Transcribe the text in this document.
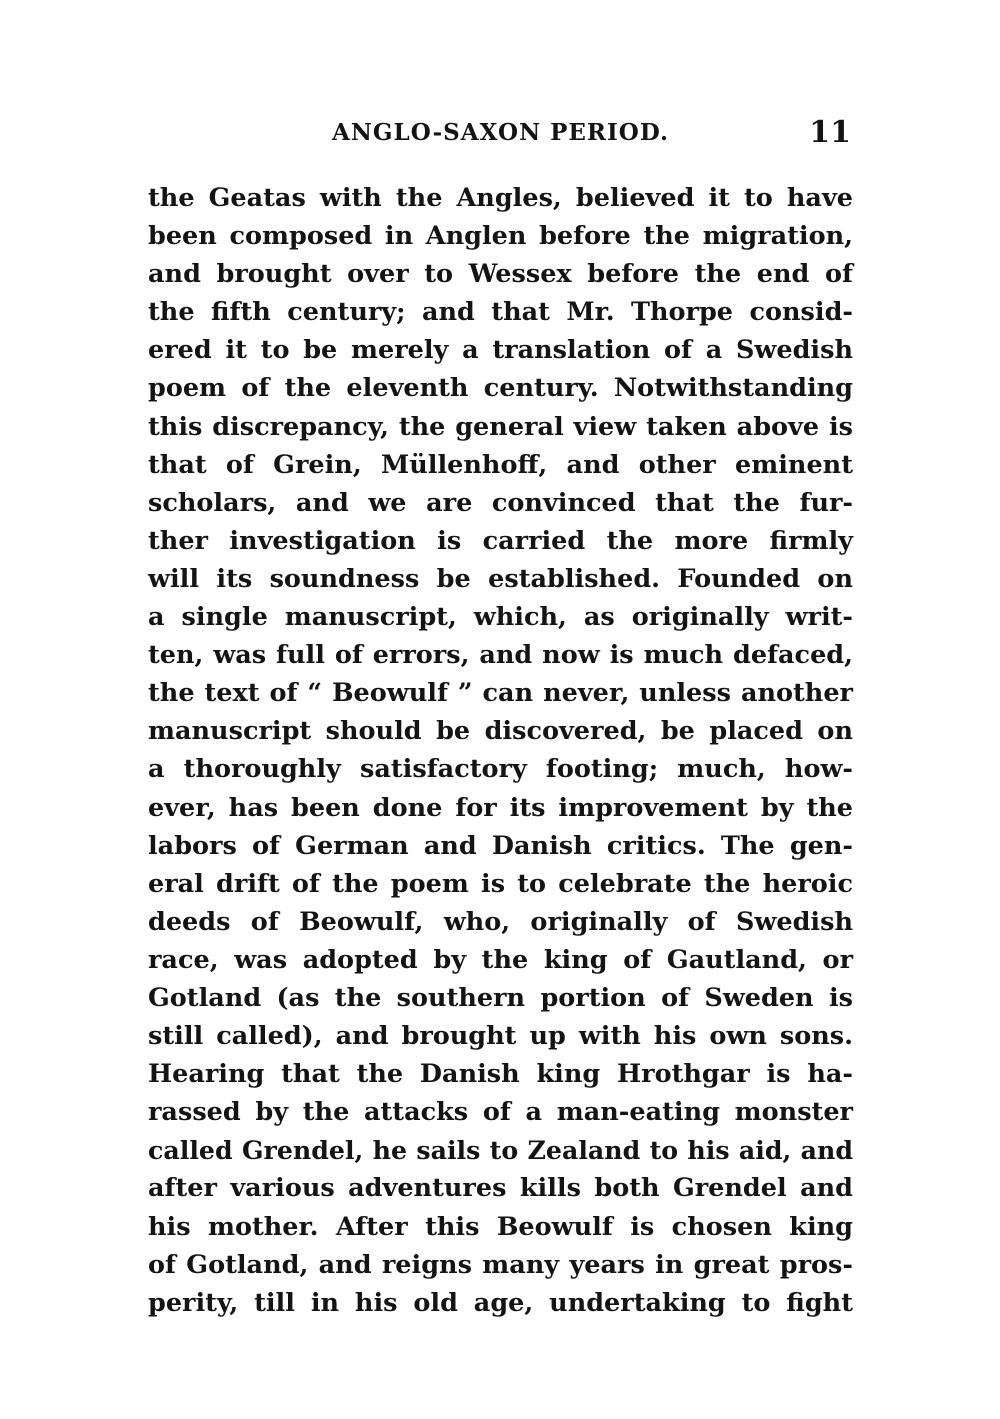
ANGLO-SAXON PERIOD.	11
the Geatas with the Angles, believed it to have
been composed in Anglen before the migration,
and brought over to Wessex before the end of
the fifth century; and that Mr. Thorpe consid-
ered it to be merely a translation of a Swedish
poem of the eleventh century. Notwithstanding
this discrepancy, the general view taken above is
that of Grein, Müllenhoff, and other eminent
scholars, and we are convinced that the fur-
ther investigation is carried the more firmly
will its soundness be established. Founded on
a single manuscript, which, as originally writ-
ten, was full of errors, and now is much defaced,
the text of “ Beowulf ” can never, unless another
manuscript should be discovered, be placed on
a thoroughly satisfactory footing; much, how-
ever, has been done for its improvement by the
labors of German and Danish critics. The gen-
eral drift of the poem is to celebrate the heroic
deeds of Beowulf, who, originally of Swedish
race, was adopted by the king of Gautland, or
Gotland (as the southern portion of Sweden is
still called), and brought up with his own sons.
Hearing that the Danish king Hrothgar is ha-
rassed by the attacks of a man-eating monster
called Grendel, he sails to Zealand to his aid, and
after various adventures kills both Grendel and
his mother. After this Beowulf is chosen king
of Gotland, and reigns many years in great pros-
perity, till in his old age, undertaking to fight
